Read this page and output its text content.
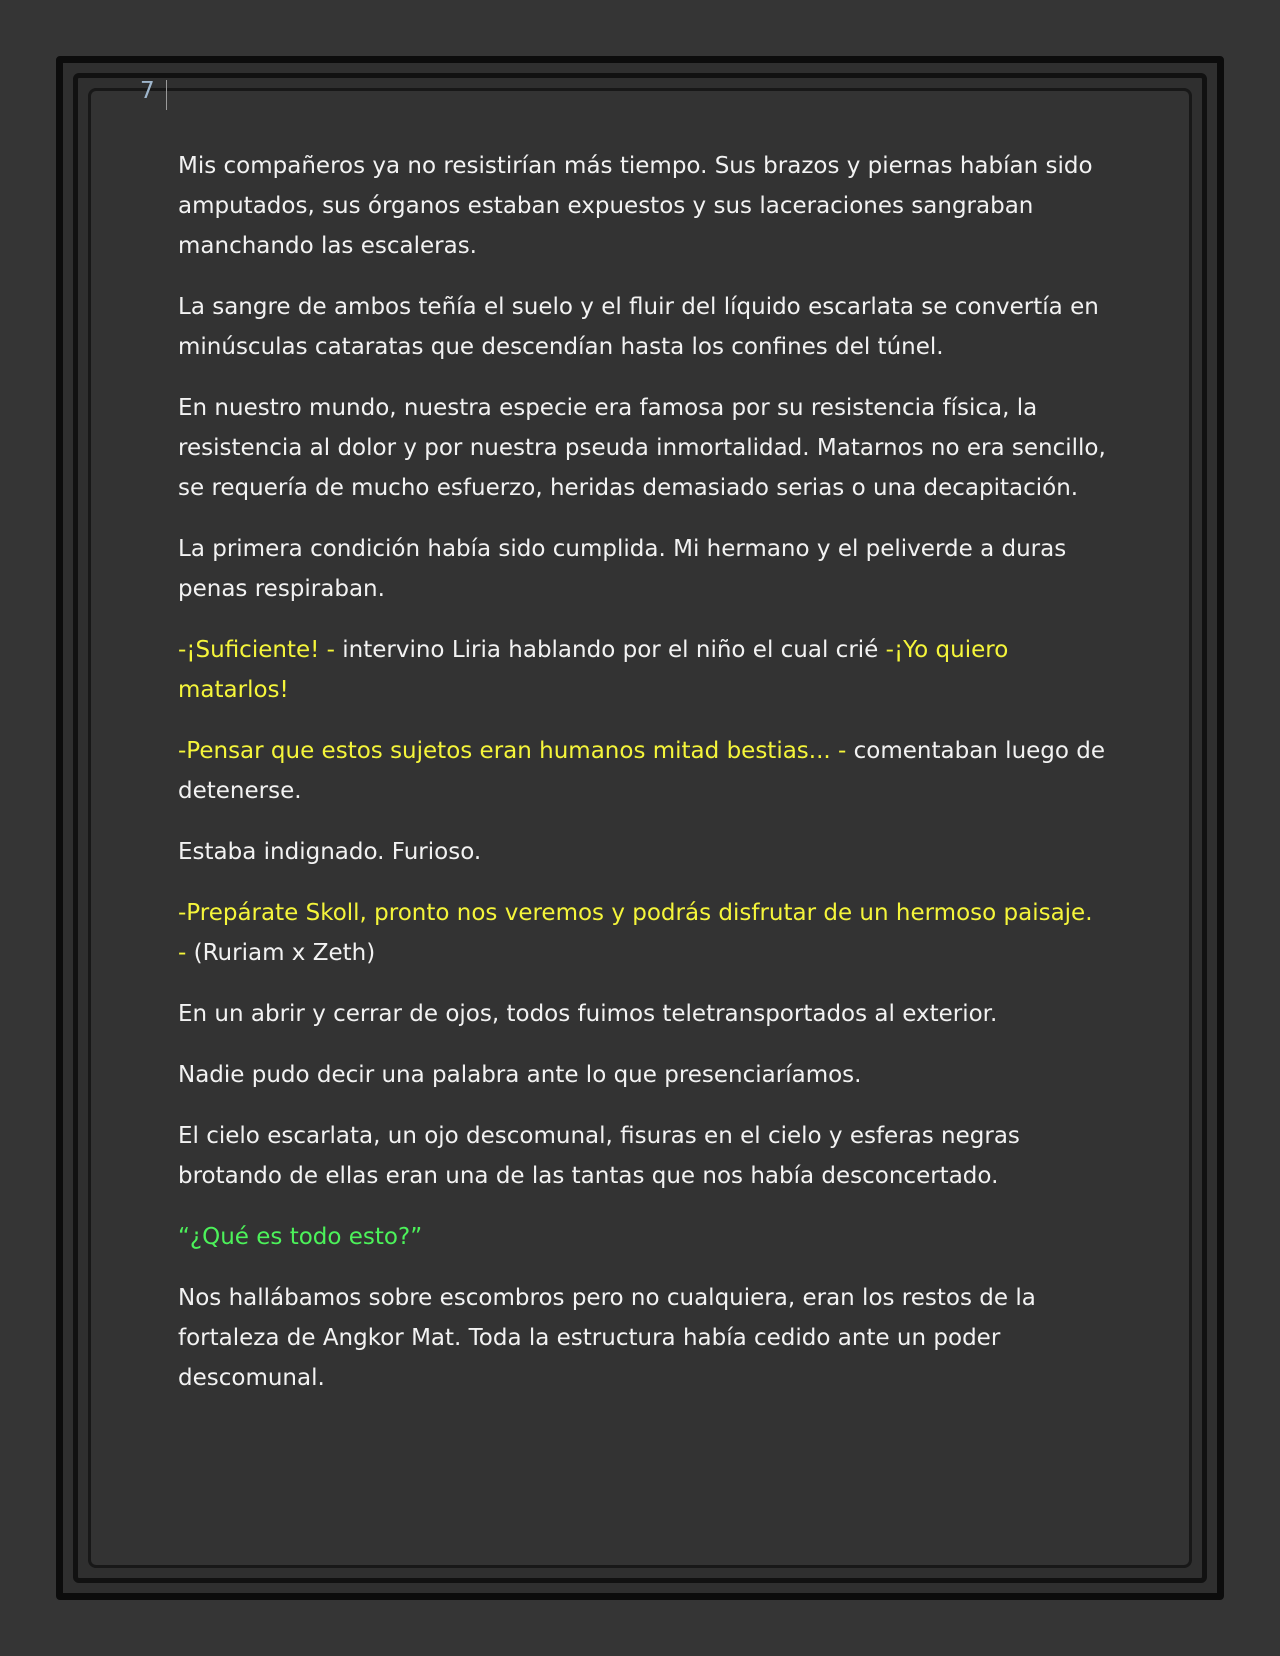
7

Mis compañeros ya no resistirían más tiempo. Sus brazos y piernas habían sido amputados, sus órganos estaban expuestos y sus laceraciones sangraban manchando las escaleras.

La sangre de ambos teñía el suelo y el fluir del líquido escarlata se convertía en minúsculas cataratas que descendían hasta los confines del túnel.

En nuestro mundo, nuestra especie era famosa por su resistencia física, la resistencia al dolor y por nuestra pseuda inmortalidad. Matarnos no era sencillo, se requería de mucho esfuerzo, heridas demasiado serias o una decapitación.

La primera condición había sido cumplida. Mi hermano y el peliverde a duras penas respiraban.

-¡Suficiente! - intervino Liria hablando por el niño el cual crié -¡Yo quiero matarlos!

-Pensar que estos sujetos eran humanos mitad bestias... - comentaban luego de detenerse.

Estaba indignado. Furioso.

-Prepárate Skoll, pronto nos veremos y podrás disfrutar de un hermoso paisaje. - (Ruriam x Zeth)

En un abrir y cerrar de ojos, todos fuimos teletransportados al exterior.

Nadie pudo decir una palabra ante lo que presenciaríamos.

El cielo escarlata, un ojo descomunal, fisuras en el cielo y esferas negras brotando de ellas eran una de las tantas que nos había desconcertado.

“¿Qué es todo esto?”

Nos hallábamos sobre escombros pero no cualquiera, eran los restos de la fortaleza de Angkor Mat. Toda la estructura había cedido ante un poder descomunal.
